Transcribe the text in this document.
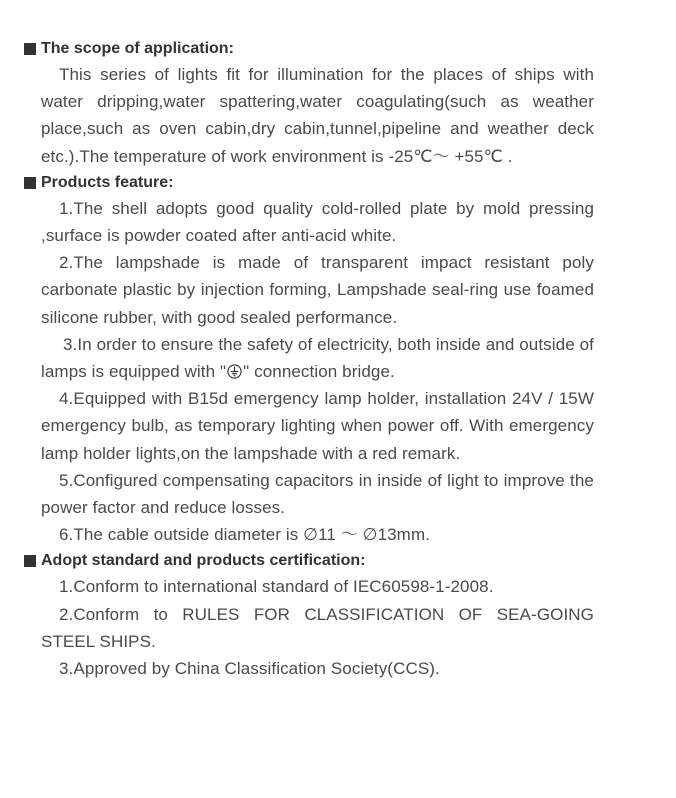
The scope of application:
This series of lights fit for illumination for the places of ships with water dripping,water spattering,water coagulating(such as weather place,such as oven cabin,dry cabin,tunnel,pipeline and weather deck etc.).The temperature of work environment is -25℃～ +55℃ .
Products feature:
1.The shell adopts good quality cold-rolled plate by mold pressing ,surface is powder coated after anti-acid white.
2.The lampshade is made of transparent impact resistant poly carbonate plastic by injection forming, Lampshade seal-ring use foamed silicone rubber, with good sealed performance.
3.In order to ensure the safety of electricity, both inside and outside of lamps is equipped with " " connection bridge.
4.Equipped with B15d emergency lamp holder, installation 24V / 15W emergency bulb, as temporary lighting when power off. With emergency lamp holder lights,on the lampshade with a red remark.
5.Configured compensating capacitors in inside of light to improve the power factor and reduce losses.
6.The cable outside diameter is ∅11 ～ ∅13mm.
Adopt standard and products certification:
1.Conform to international standard of IEC60598-1-2008.
2.Conform to RULES FOR CLASSIFICATION OF SEA-GOING STEEL SHIPS.
3.Approved by China Classification Society(CCS).
